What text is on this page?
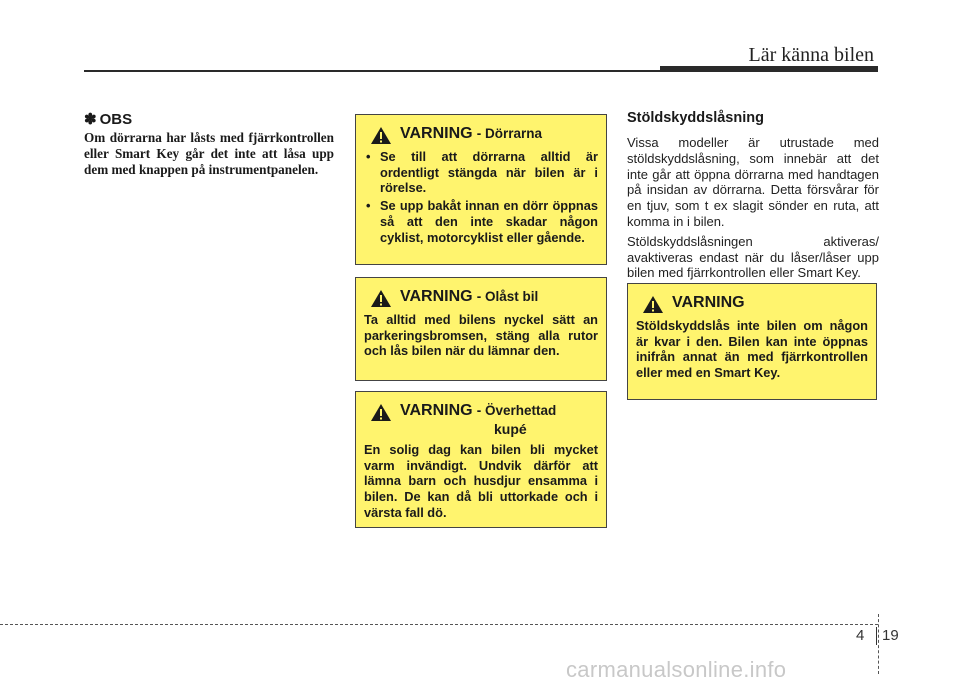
Lär känna bilen
✽ OBS
Om dörrarna har låsts med fjärrkontrollen eller Smart Key går det inte att låsa upp dem med knappen på instrumentpanelen.
VARNING - Dörrarna
• Se till att dörrarna alltid är ordentligt stängda när bilen är i rörelse.
• Se upp bakåt innan en dörr öppnas så att den inte skadar någon cyklist, motorcyklist eller gående.
VARNING - Olåst bil
Ta alltid med bilens nyckel sätt an parkeringsbromsen, stäng alla rutor och lås bilen när du lämnar den.
VARNING - Överhettad
kupé
En solig dag kan bilen bli mycket varm invändigt. Undvik därför att lämna barn och husdjur ensamma i bilen. De kan då bli uttorkade och i värsta fall dö.
Stöldskyddslåsning

Vissa modeller är utrustade med stöldskyddslåsning, som innebär att det inte går att öppna dörrarna med handtagen på insidan av dörrarna. Detta försvårar för en tjuv, som t ex slagit sönder en ruta, att komma in i bilen.

Stöldskyddslåsningen aktiveras/ avaktiveras endast när du låser/låser upp bilen med fjärrkontrollen eller Smart Key.

VARNING
Stöldskyddslås inte bilen om någon är kvar i den. Bilen kan inte öppnas inifrån annat än med fjärrkontrollen eller med en Smart Key.
4 19
carmanualsonline.info
